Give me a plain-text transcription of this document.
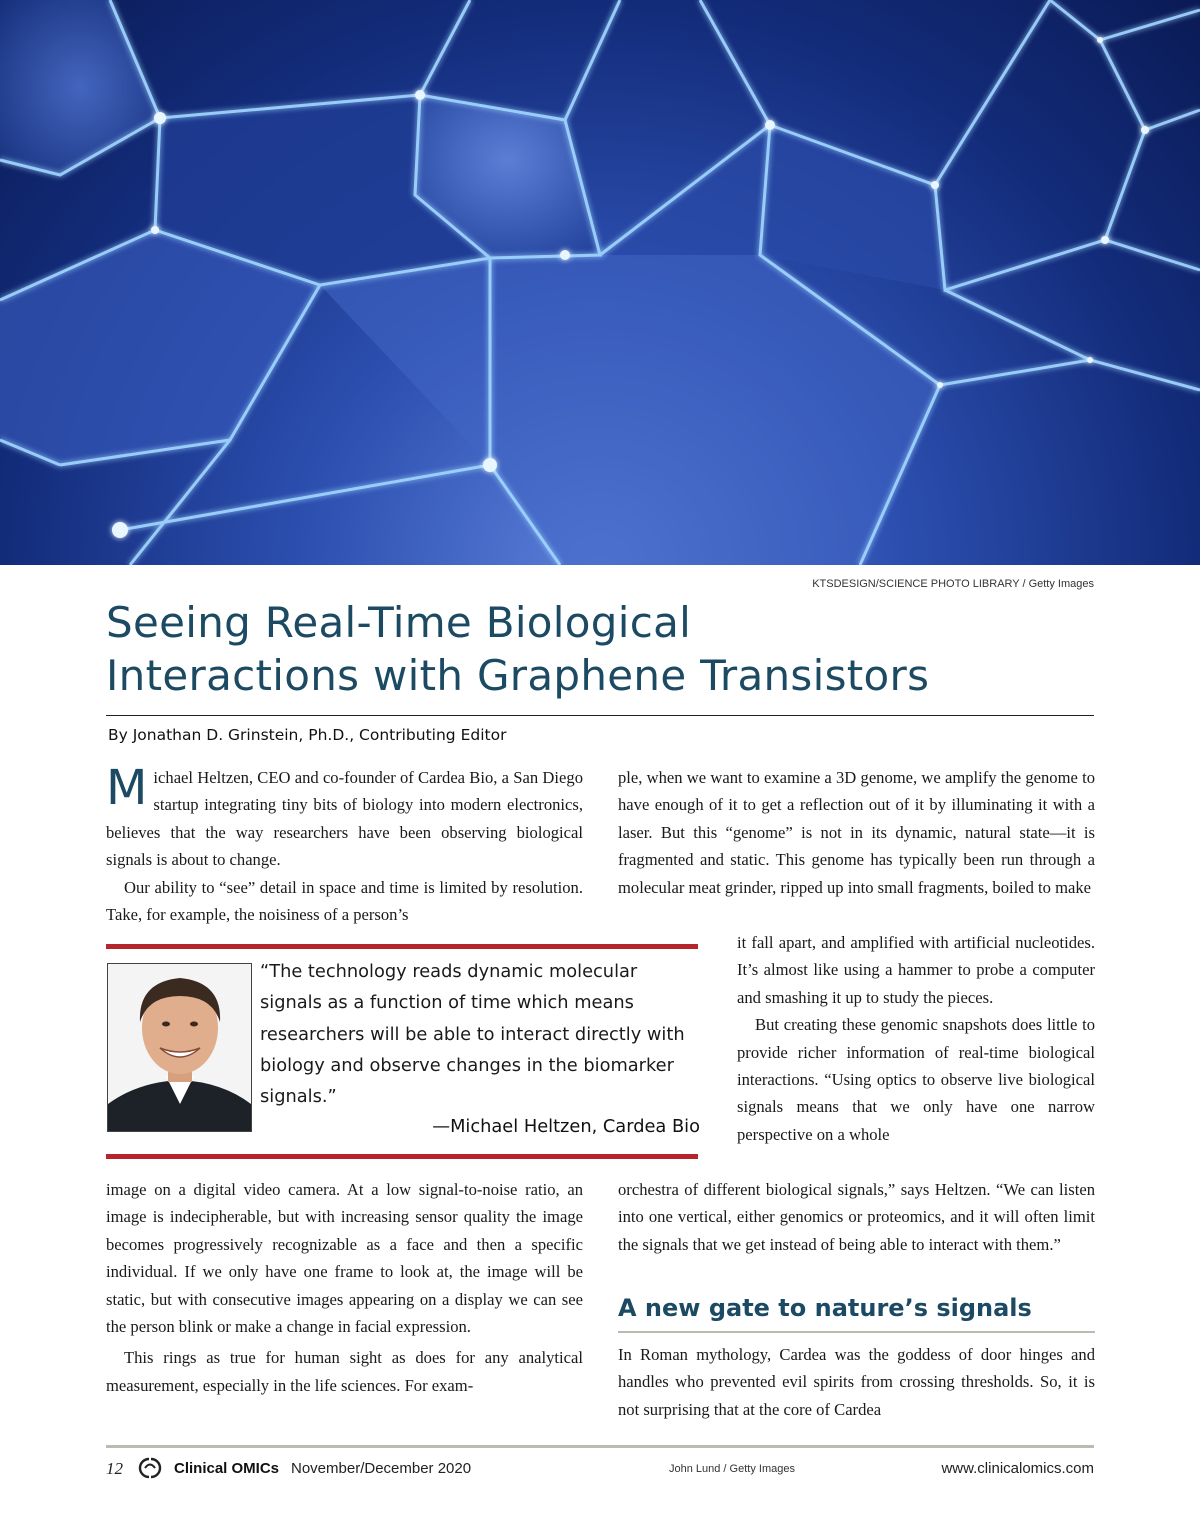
KTSDESIGN/SCIENCE PHOTO LIBRARY / Getty Images
Seeing Real-Time Biological
Interactions with Graphene Transistors
By Jonathan D. Grinstein, Ph.D., Contributing Editor

Michael Heltzen, CEO and co-founder of Cardea Bio, a San Diego startup integrating tiny bits of biology into modern electronics, believes that the way researchers have been observing biological signals is about to change.

Our ability to “see” detail in space and time is limited by resolution. Take, for example, the noisiness of a person’s

“The technology reads dynamic molecular signals as a function of time which means researchers will be able to interact directly with biology and observe changes in the biomarker signals.”

—Michael Heltzen, Cardea Bio

image on a digital video camera. At a low signal-to-noise ratio, an image is indecipherable, but with increasing sensor quality the image becomes progressively recognizable as a face and then a specific individual. If we only have one frame to look at, the image will be static, but with consecutive images appearing on a display we can see the person blink or make a change in facial expression.

This rings as true for human sight as does for any analytical measurement, especially in the life sciences. For exam-

ple, when we want to examine a 3D genome, we amplify the genome to have enough of it to get a reflection out of it by illuminating it with a laser. But this “genome” is not in its dynamic, natural state—it is fragmented and static. This genome has typically been run through a molecular meat grinder, ripped up into small fragments, boiled to make

it fall apart, and amplified with artificial nucleotides. It’s almost like using a hammer to probe a computer and smashing it up to study the pieces.

But creating these genomic snapshots does little to provide richer information of real-time biological interactions. “Using optics to observe live biological signals means that we only have one narrow perspective on a whole

orchestra of different biological signals,” says Heltzen. “We can listen into one vertical, either genomics or proteomics, and it will often limit the signals that we get instead of being able to interact with them.”

A new gate to nature’s signals

In Roman mythology, Cardea was the goddess of door hinges and handles who prevented evil spirits from crossing thresholds. So, it is not surprising that at the core of Cardea

12	Clinical OMICs November/December 2020	John Lund / Getty Images	www.clinicalomics.com
